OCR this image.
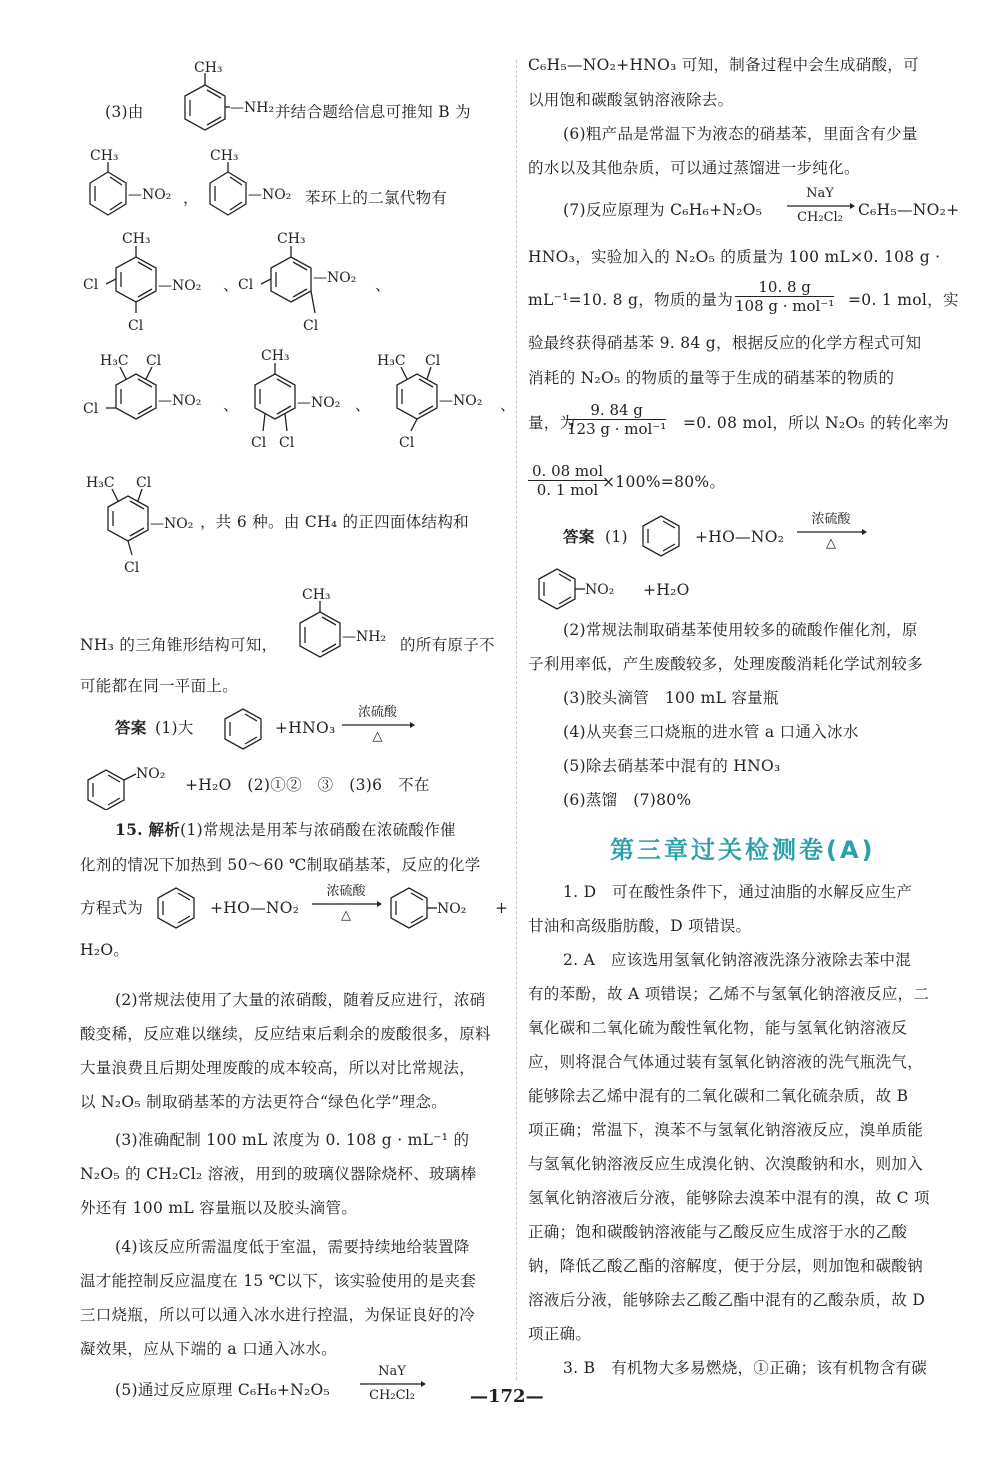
(3)由
CH₃
—NH₂ 并结合题给信息可推知 B 为
CH₃
—NO₂ ，
CH₃
—NO₂ 苯环上的二氯代物有
CH₃
Cl
Cl
—NO₂ 、
CH₃
Cl
Cl
—NO₂ 、
H₃C Cl
Cl	—NO₂ 、
CH₃
Cl Cl
—NO₂ 、
H₃C Cl
Cl
—NO₂ 、
H₃C Cl
Cl
—NO₂ ，共 6 种。由 CH₄ 的正四面体结构和
NH₃ 的三角锥形结构可知，
CH₃
—NH₂ 的所有原子不
可能都在同一平面上。
答案 (1)大	+HNO₃
浓硫酸
△
NO₂
+H₂O　(2)①②　③　(3)6　不在
15. 解析(1)常规法是用苯与浓硝酸在浓硫酸作催
化剂的情况下加热到 50～60 ℃制取硝基苯，反应的化学
方程式为	+HO—NO₂
浓硫酸
△	NO₂ +
H₂O。
(2)常规法使用了大量的浓硝酸，随着反应进行，浓硝
酸变稀，反应难以继续，反应结束后剩余的废酸很多，原料
大量浪费且后期处理废酸的成本较高，所以对比常规法，
以 N₂O₅ 制取硝基苯的方法更符合“绿色化学”理念。
(3)准确配制 100 mL 浓度为 0. 108 g · mL⁻¹ 的
N₂O₅ 的 CH₂Cl₂ 溶液，用到的玻璃仪器除烧杯、玻璃棒
外还有 100 mL 容量瓶以及胶头滴管。
(4)该反应所需温度低于室温，需要持续地给装置降
温才能控制反应温度在 15 ℃以下，该实验使用的是夹套
三口烧瓶，所以可以通入冰水进行控温，为保证良好的冷
凝效果，应从下端的 a 口通入冰水。
(5)通过反应原理 C₆H₆+N₂O₅
NaY
CH₂Cl₂
C₆H₅—NO₂+HNO₃ 可知，制备过程中会生成硝酸，可
以用饱和碳酸氢钠溶液除去。
(6)粗产品是常温下为液态的硝基苯，里面含有少量
的水以及其他杂质，可以通过蒸馏进一步纯化。
(7)反应原理为 C₆H₆+N₂O₅
NaY
CH₂Cl₂ C₆H₅—NO₂+
HNO₃，实验加入的 N₂O₅ 的质量为 100 mL×0. 108 g ·
mL⁻¹=10. 8 g，物质的量为
10. 8 g
108 g · mol⁻¹ =0. 1 mol，实
验最终获得硝基苯 9. 84 g，根据反应的化学方程式可知
消耗的 N₂O₅ 的物质的量等于生成的硝基苯的物质的
量，为
9. 84 g
123 g · mol⁻¹ =0. 08 mol，所以 N₂O₅ 的转化率为
0. 08 mol
0. 1 mol ×100%=80%。
答案 (1)	+HO—NO₂
浓硫酸
△
NO₂ +H₂O
(2)常规法制取硝基苯使用较多的硫酸作催化剂，原
子利用率低，产生废酸较多，处理废酸消耗化学试剂较多
(3)胶头滴管　100 mL 容量瓶
(4)从夹套三口烧瓶的进水管 a 口通入冰水
(5)除去硝基苯中混有的 HNO₃
(6)蒸馏　(7)80%
第三章过关检测卷(A)
1. D　可在酸性条件下，通过油脂的水解反应生产
甘油和高级脂肪酸，D 项错误。
2. A　应该选用氢氧化钠溶液洗涤分液除去苯中混
有的苯酚，故 A 项错误；乙烯不与氢氧化钠溶液反应，二
氧化碳和二氧化硫为酸性氧化物，能与氢氧化钠溶液反
应，则将混合气体通过装有氢氧化钠溶液的洗气瓶洗气，
能够除去乙烯中混有的二氧化碳和二氧化硫杂质，故 B
项正确；常温下，溴苯不与氢氧化钠溶液反应，溴单质能
与氢氧化钠溶液反应生成溴化钠、次溴酸钠和水，则加入
氢氧化钠溶液后分液，能够除去溴苯中混有的溴，故 C 项
正确；饱和碳酸钠溶液能与乙酸反应生成溶于水的乙酸
钠，降低乙酸乙酯的溶解度，便于分层，则加饱和碳酸钠
溶液后分液，能够除去乙酸乙酯中混有的乙酸杂质，故 D
项正确。
3. B　有机物大多易燃烧，①正确；该有机物含有碳
—172—
